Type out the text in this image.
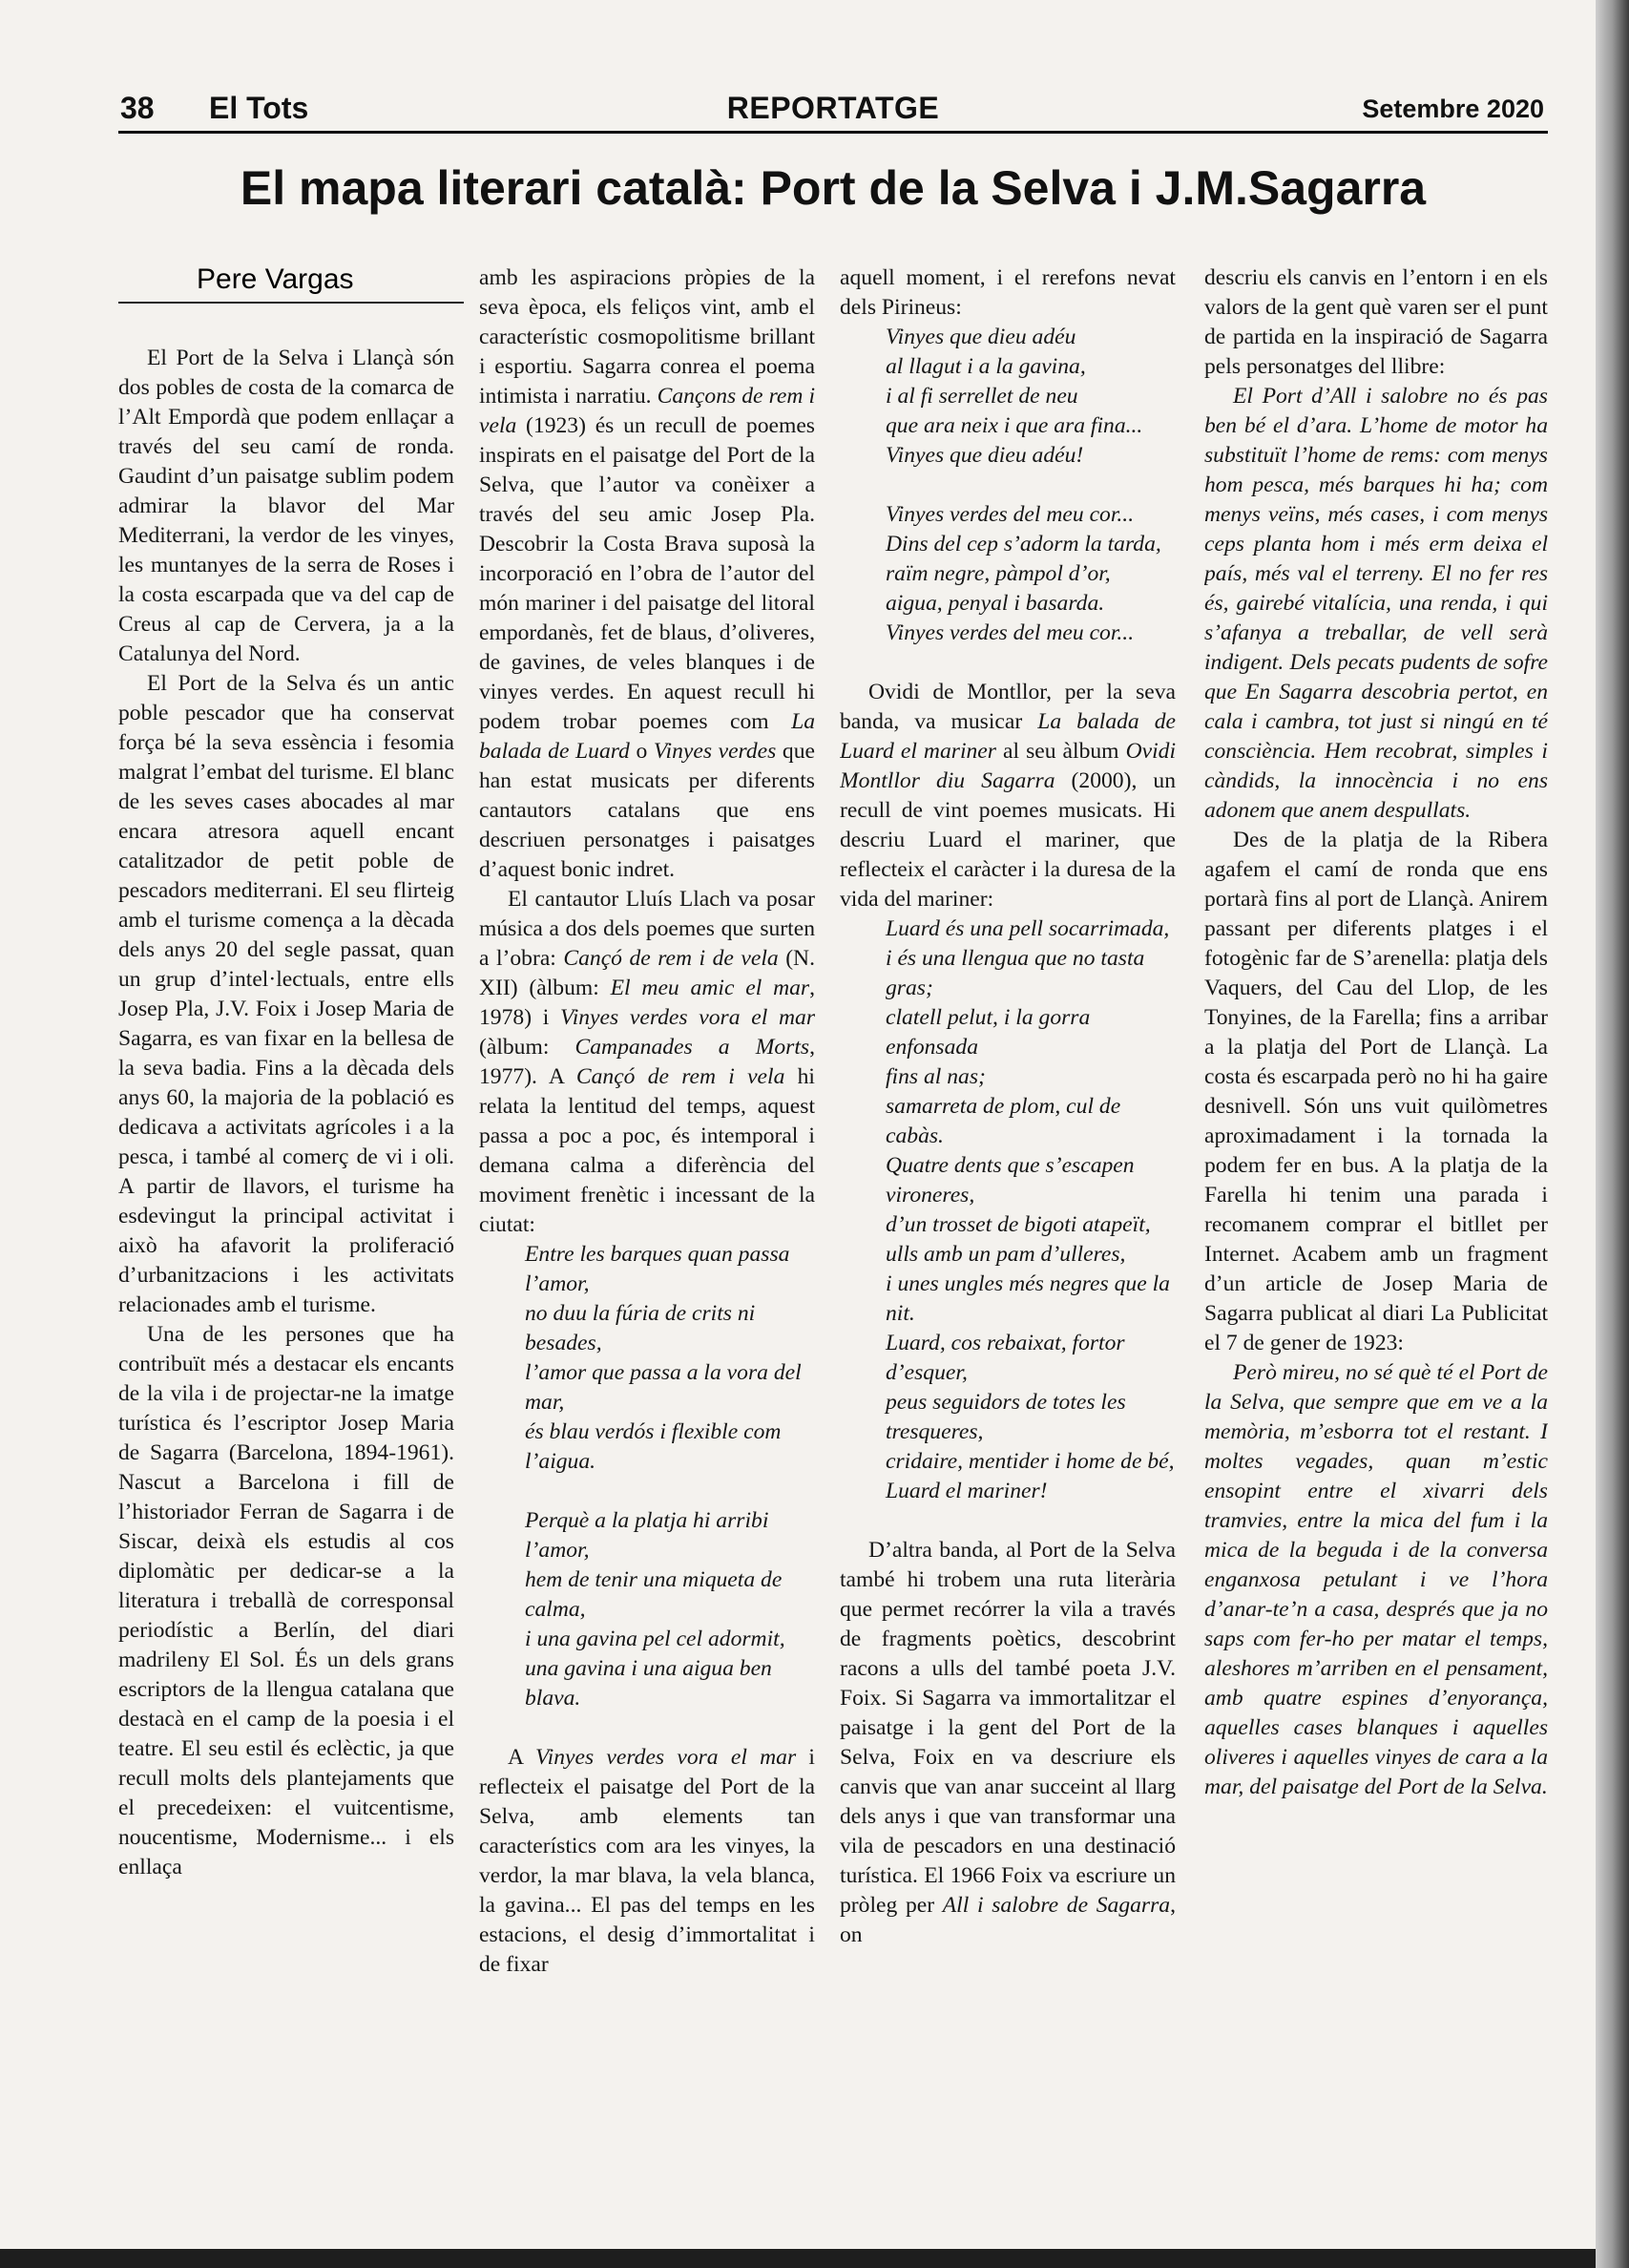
REPORTATGE
38 El Tots	Setembre 2020
El mapa literari català: Port de la Selva i J.M.Sagarra
Pere Vargas

El Port de la Selva i Llançà són dos pobles de costa de la comarca de l’Alt Empordà que podem enllaçar a través del seu camí de ronda. Gaudint d’un paisatge sublim podem admirar la blavor del Mar Mediterrani, la verdor de les vinyes, les muntanyes de la serra de Roses i la costa escarpada que va del cap de Creus al cap de Cervera, ja a la Catalunya del Nord.

El Port de la Selva és un antic poble pescador que ha conservat força bé la seva essència i fesomia malgrat l’embat del turisme. El blanc de les seves cases abocades al mar encara atresora aquell encant catalitzador de petit poble de pescadors mediterrani. El seu flirteig amb el turisme comença a la dècada dels anys 20 del segle passat, quan un grup d’intel·lectuals, entre ells Josep Pla, J.V. Foix i Josep Maria de Sagarra, es van fixar en la bellesa de la seva badia. Fins a la dècada dels anys 60, la majoria de la població es dedicava a activitats agrícoles i a la pesca, i també al comerç de vi i oli. A partir de llavors, el turisme ha esdevingut la principal activitat i això ha afavorit la proliferació d’urbanitzacions i les activitats relacionades amb el turisme.

Una de les persones que ha contribuït més a destacar els encants de la vila i de projectar-ne la imatge turística és l’escriptor Josep Maria de Sagarra (Barcelona, 1894-1961). Nascut a Barcelona i fill de l’historiador Ferran de Sagarra i de Siscar, deixà els estudis al cos diplomàtic per dedicar-se a la literatura i treballà de corresponsal periodístic a Berlín, del diari madrileny El Sol. És un dels grans escriptors de la llengua catalana que destacà en el camp de la poesia i el teatre. El seu estil és eclèctic, ja que recull molts dels plantejaments que el precedeixen: el vuitcentisme, noucentisme, Modernisme... i els enllaça

amb les aspiracions pròpies de la seva època, els feliços vint, amb el característic cosmopolitisme brillant i esportiu. Sagarra conrea el poema intimista i narratiu. Cançons de rem i vela (1923) és un recull de poemes inspirats en el paisatge del Port de la Selva, que l’autor va conèixer a través del seu amic Josep Pla. Descobrir la Costa Brava suposà la incorporació en l’obra de l’autor del món mariner i del paisatge del litoral empordanès, fet de blaus, d’oliveres, de gavines, de veles blanques i de vinyes verdes. En aquest recull hi podem trobar poemes com La balada de Luard o Vinyes verdes que han estat musicats per diferents cantautors catalans que ens descriuen personatges i paisatges d’aquest bonic indret.

El cantautor Lluís Llach va posar música a dos dels poemes que surten a l’obra: Cançó de rem i de vela (N. XII) (àlbum: El meu amic el mar, 1978) i Vinyes verdes vora el mar (àlbum: Campanades a Morts, 1977). A Cançó de rem i vela hi relata la lentitud del temps, aquest passa a poc a poc, és intemporal i demana calma a diferència del moviment frenètic i incessant de la ciutat:

Entre les barques quan passa l’amor,
no duu la fúria de crits ni besades,
l’amor que passa a la vora del mar,
és blau verdós i flexible com l’aigua.
Perquè a la platja hi arribi l’amor,
hem de tenir una miqueta de calma,
i una gavina pel cel adormit,
una gavina i una aigua ben blava.

A Vinyes verdes vora el mar i reflecteix el paisatge del Port de la Selva, amb elements tan característics com ara les vinyes, la verdor, la mar blava, la vela blanca, la gavina... El pas del temps en les estacions, el desig d’immortalitat i de fixar

aquell moment, i el rerefons nevat dels Pirineus:

Vinyes que dieu adéu
al llagut i a la gavina,
i al fi serrellet de neu
que ara neix i que ara fina...
Vinyes que dieu adéu!
Vinyes verdes del meu cor...
Dins del cep s’adorm la tarda,
raïm negre, pàmpol d’or,
aigua, penyal i basarda.
Vinyes verdes del meu cor...

Ovidi de Montllor, per la seva banda, va musicar La balada de Luard el mariner al seu àlbum Ovidi Montllor diu Sagarra (2000), un recull de vint poemes musicats. Hi descriu Luard el mariner, que reflecteix el caràcter i la duresa de la vida del mariner:

Luard és una pell socarrimada,
i és una llengua que no tasta gras;
clatell pelut, i la gorra enfonsada
fins al nas;
samarreta de plom, cul de cabàs.
Quatre dents que s’escapen vironeres,
d’un trosset de bigoti atapeït,
ulls amb un pam d’ulleres,
i unes ungles més negres que la nit.
Luard, cos rebaixat, fortor d’esquer,
peus seguidors de totes les tresqueres,
cridaire, mentider i home de bé,
Luard el mariner!

D’altra banda, al Port de la Selva també hi trobem una ruta literària que permet recórrer la vila a través de fragments poètics, descobrint racons a ulls del també poeta J.V. Foix. Si Sagarra va immortalitzar el paisatge i la gent del Port de la Selva, Foix en va descriure els canvis que van anar succeint al llarg dels anys i que van transformar una vila de pescadors en una destinació turística. El 1966 Foix va escriure un pròleg per All i salobre de Sagarra, on

descriu els canvis en l’entorn i en els valors de la gent què varen ser el punt de partida en la inspiració de Sagarra pels personatges del llibre:

El Port d’All i salobre no és pas ben bé el d’ara. L’home de motor ha substituït l’home de rems: com menys hom pesca, més barques hi ha; com menys veïns, més cases, i com menys ceps planta hom i més erm deixa el país, més val el terreny. El no fer res és, gairebé vitalícia, una renda, i qui s’afanya a treballar, de vell serà indigent. Dels pecats pudents de sofre que En Sagarra descobria pertot, en cala i cambra, tot just si ningú en té consciència. Hem recobrat, simples i càndids, la innocència i no ens adonem que anem despullats.

Des de la platja de la Ribera agafem el camí de ronda que ens portarà fins al port de Llançà. Anirem passant per diferents platges i el fotogènic far de S’arenella: platja dels Vaquers, del Cau del Llop, de les Tonyines, de la Farella; fins a arribar a la platja del Port de Llançà. La costa és escarpada però no hi ha gaire desnivell. Són uns vuit quilòmetres aproximadament i la tornada la podem fer en bus. A la platja de la Farella hi tenim una parada i recomanem comprar el bitllet per Internet. Acabem amb un fragment d’un article de Josep Maria de Sagarra publicat al diari La Publicitat el 7 de gener de 1923:

Però mireu, no sé què té el Port de la Selva, que sempre que em ve a la memòria, m’esborra tot el restant. I moltes vegades, quan m’estic ensopint entre el xivarri dels tramvies, entre la mica del fum i la mica de la beguda i de la conversa enganxosa petulant i ve l’hora d’anar-te’n a casa, després que ja no saps com fer-ho per matar el temps, aleshores m’arriben en el pensament, amb quatre espines d’enyorança, aquelles cases blanques i aquelles oliveres i aquelles vinyes de cara a la mar, del paisatge del Port de la Selva.
